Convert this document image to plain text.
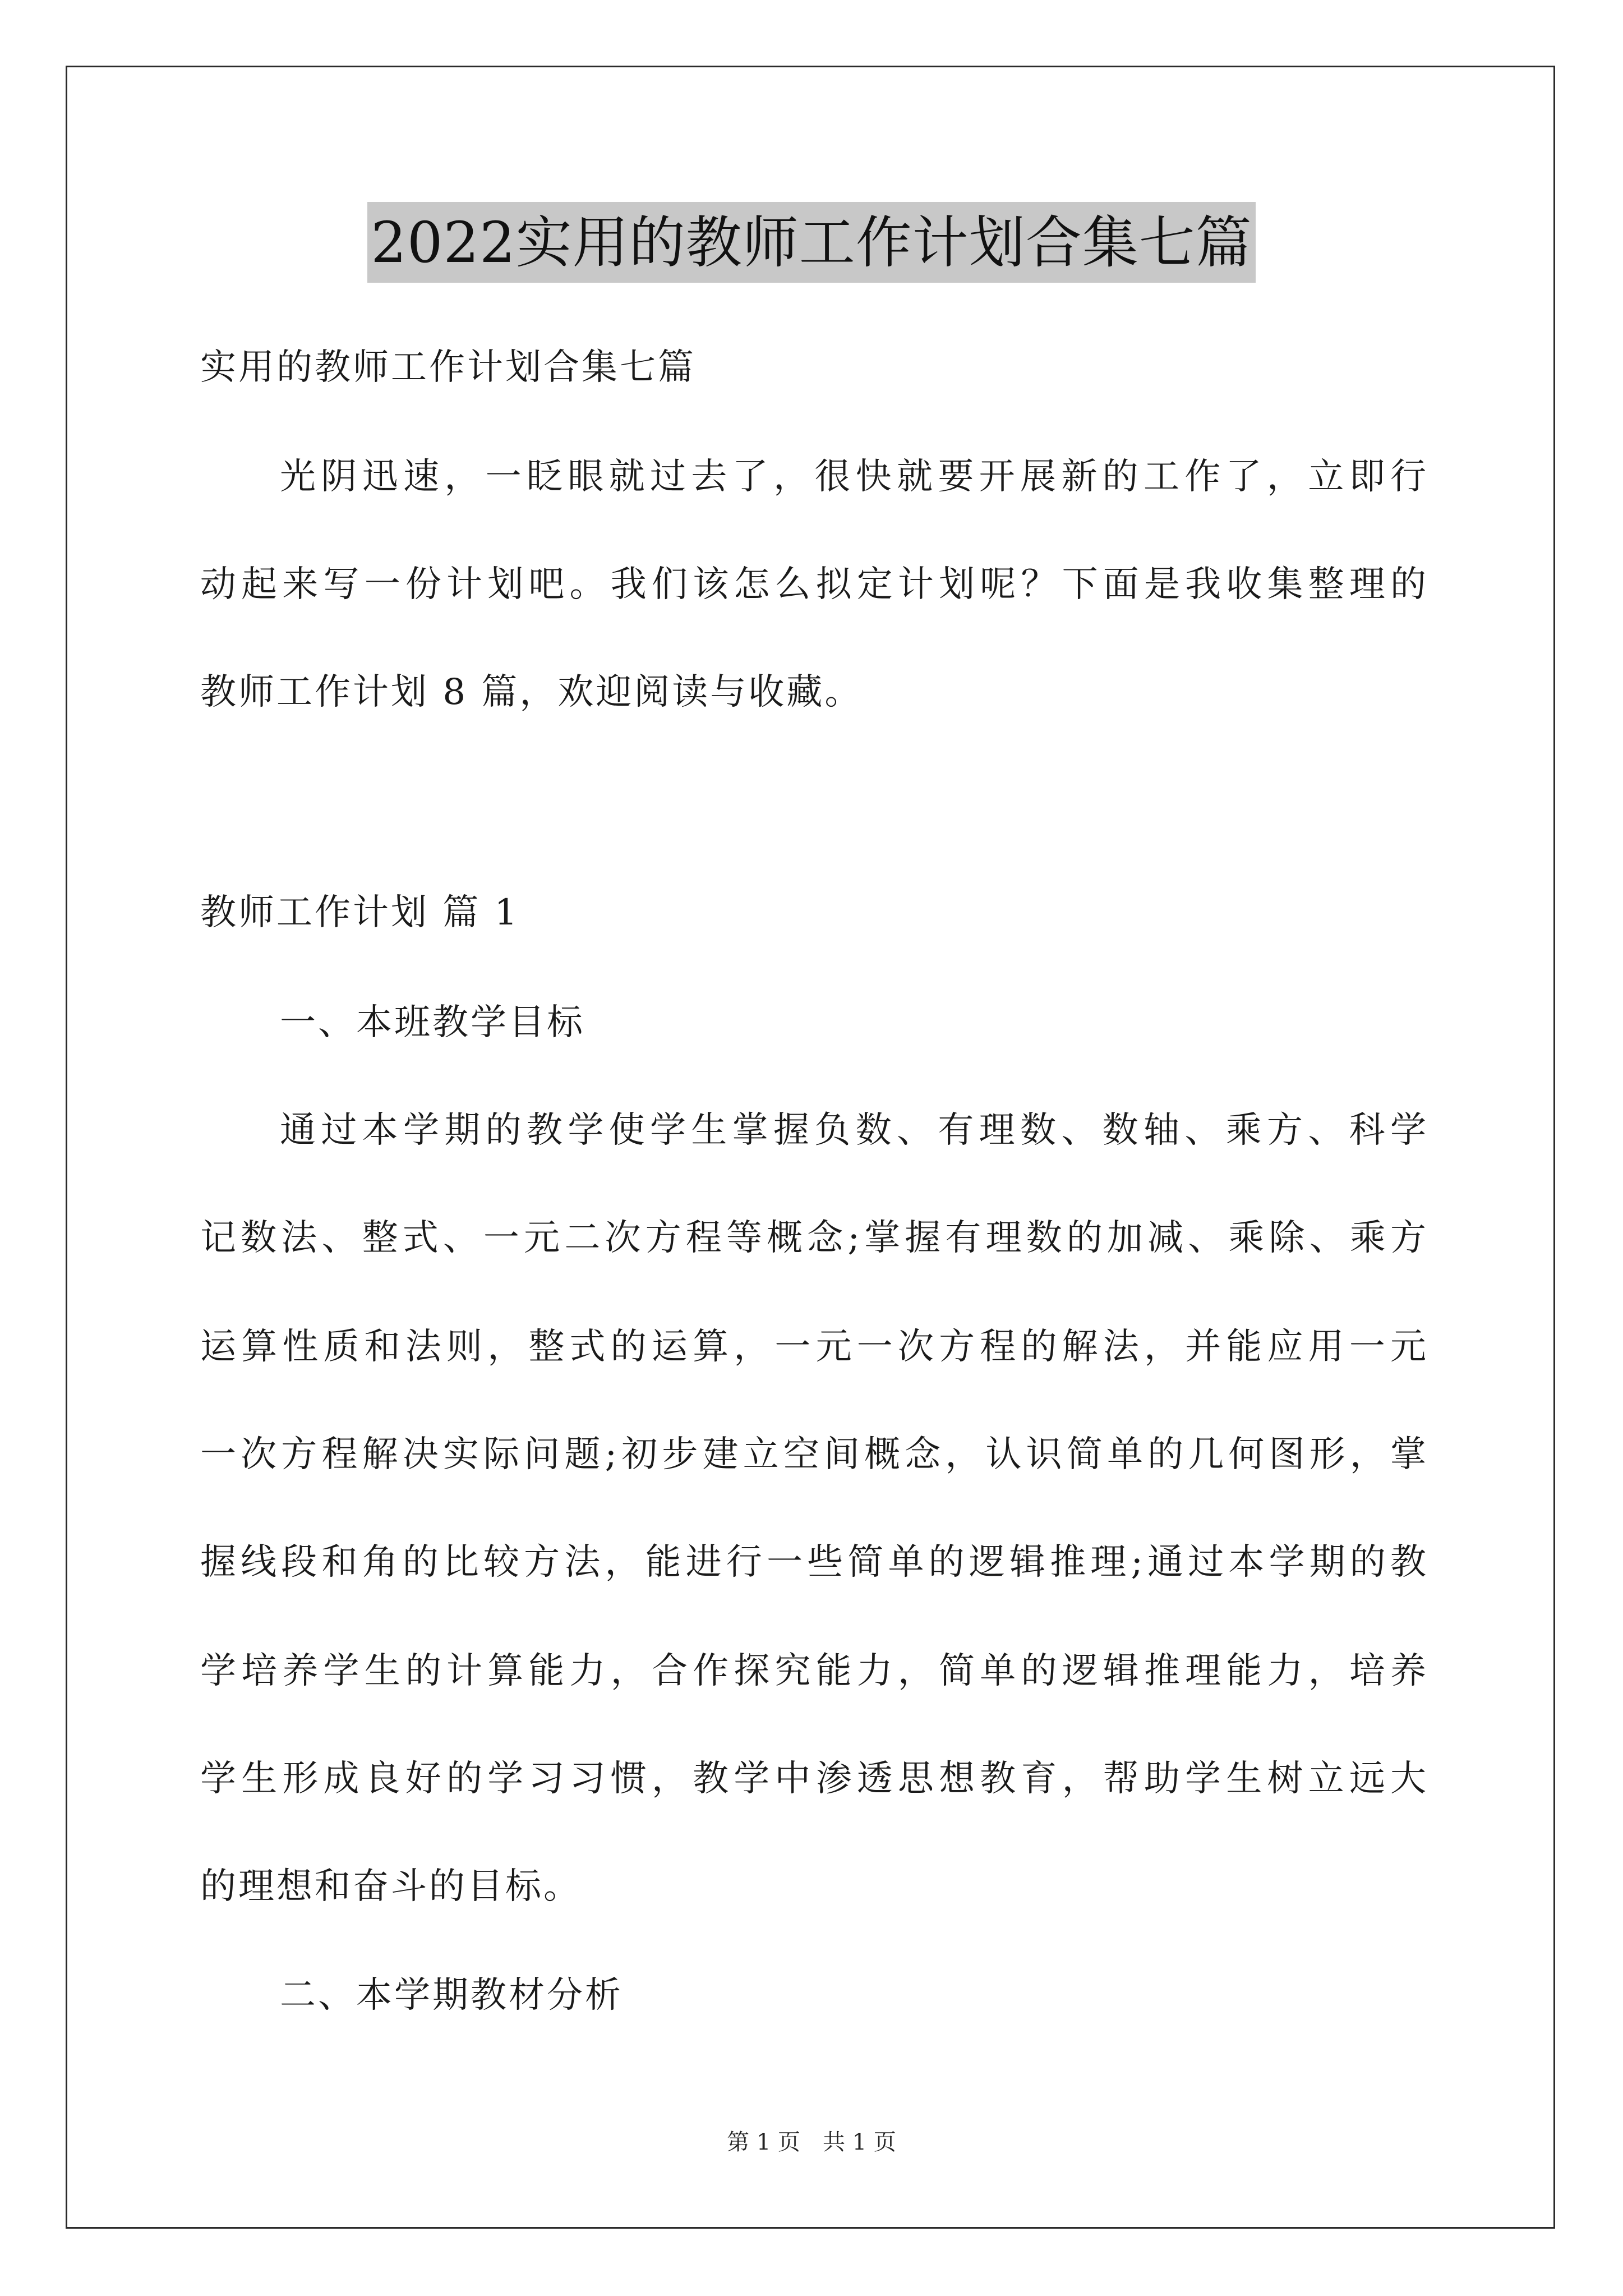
2022实用的教师工作计划合集七篇
实用的教师工作计划合集七篇
光阴迅速，一眨眼就过去了，很快就要开展新的工作了，立即行
动起来写一份计划吧。我们该怎么拟定计划呢？下面是我收集整理的
教师工作计划 8 篇，欢迎阅读与收藏。
教师工作计划 篇 1
一、本班教学目标
通过本学期的教学使学生掌握负数、有理数、数轴、乘方、科学
记数法、整式、一元二次方程等概念;掌握有理数的加减、乘除、乘方
运算性质和法则，整式的运算，一元一次方程的解法，并能应用一元
一次方程解决实际问题;初步建立空间概念，认识简单的几何图形，掌
握线段和角的比较方法，能进行一些简单的逻辑推理;通过本学期的教
学培养学生的计算能力，合作探究能力，简单的逻辑推理能力，培养
学生形成良好的学习习惯，教学中渗透思想教育，帮助学生树立远大
的理想和奋斗的目标。
二、本学期教材分析
第 1 页　共 1 页
